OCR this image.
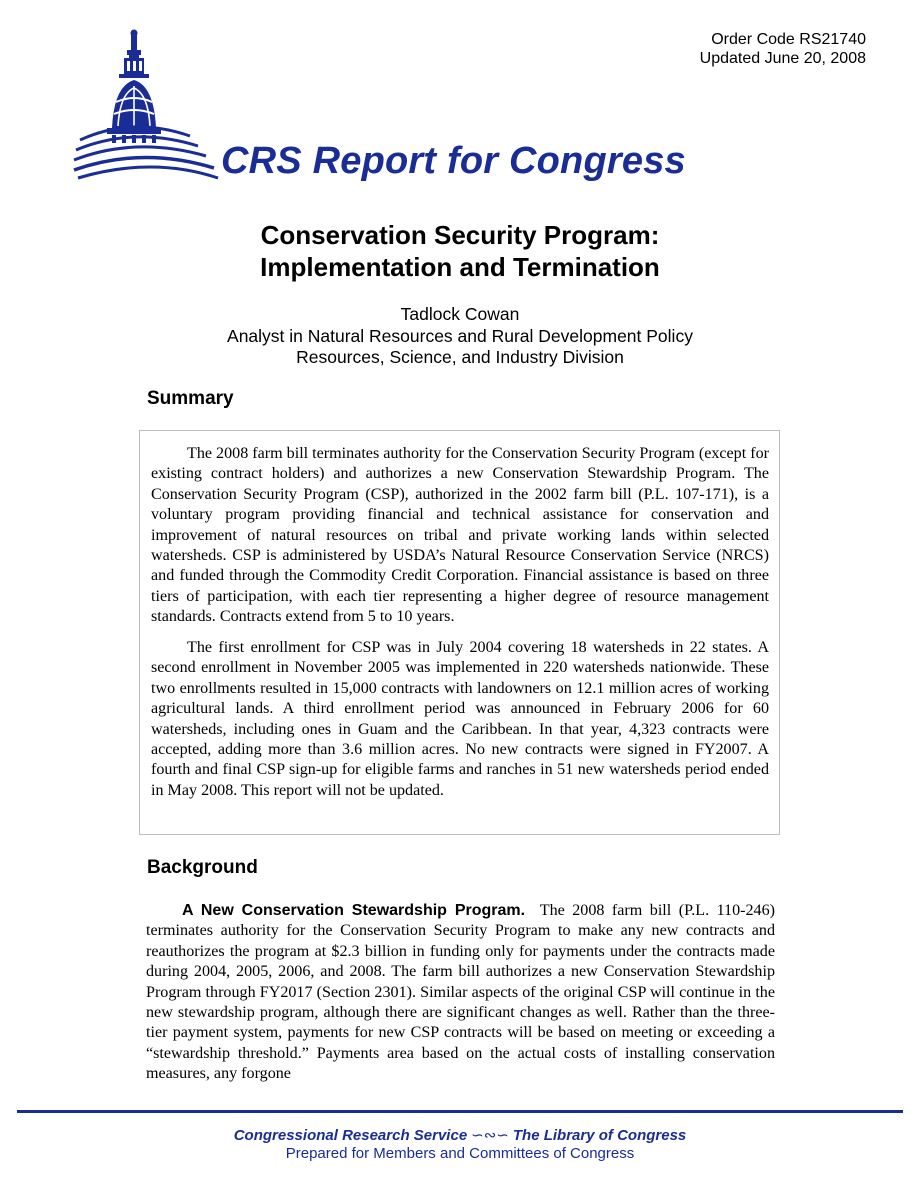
Order Code RS21740
Updated June 20, 2008
CRS Report for Congress
Conservation Security Program:
Implementation and Termination
Tadlock Cowan
Analyst in Natural Resources and Rural Development Policy
Resources, Science, and Industry Division
Summary

The 2008 farm bill terminates authority for the Conservation Security Program (except for existing contract holders) and authorizes a new Conservation Stewardship Program. The Conservation Security Program (CSP), authorized in the 2002 farm bill (P.L. 107-171), is a voluntary program providing financial and technical assistance for conservation and improvement of natural resources on tribal and private working lands within selected watersheds. CSP is administered by USDA’s Natural Resource Conservation Service (NRCS) and funded through the Commodity Credit Corporation. Financial assistance is based on three tiers of participation, with each tier representing a higher degree of resource management standards. Contracts extend from 5 to 10 years.

The first enrollment for CSP was in July 2004 covering 18 watersheds in 22 states. A second enrollment in November 2005 was implemented in 220 watersheds nationwide. These two enrollments resulted in 15,000 contracts with landowners on 12.1 million acres of working agricultural lands. A third enrollment period was announced in February 2006 for 60 watersheds, including ones in Guam and the Caribbean. In that year, 4,323 contracts were accepted, adding more than 3.6 million acres. No new contracts were signed in FY2007. A fourth and final CSP sign-up for eligible farms and ranches in 51 new watersheds period ended in May 2008. This report will not be updated.

Background

A New Conservation Stewardship Program. The 2008 farm bill (P.L. 110-246) terminates authority for the Conservation Security Program to make any new contracts and reauthorizes the program at $2.3 billion in funding only for payments under the contracts made during 2004, 2005, 2006, and 2008. The farm bill authorizes a new Conservation Stewardship Program through FY2017 (Section 2301). Similar aspects of the original CSP will continue in the new stewardship program, although there are significant changes as well. Rather than the three-tier payment system, payments for new CSP contracts will be based on meeting or exceeding a “stewardship threshold.” Payments area based on the actual costs of installing conservation measures, any forgone

Congressional Research Service ∽∾∽ The Library of Congress
Prepared for Members and Committees of Congress
